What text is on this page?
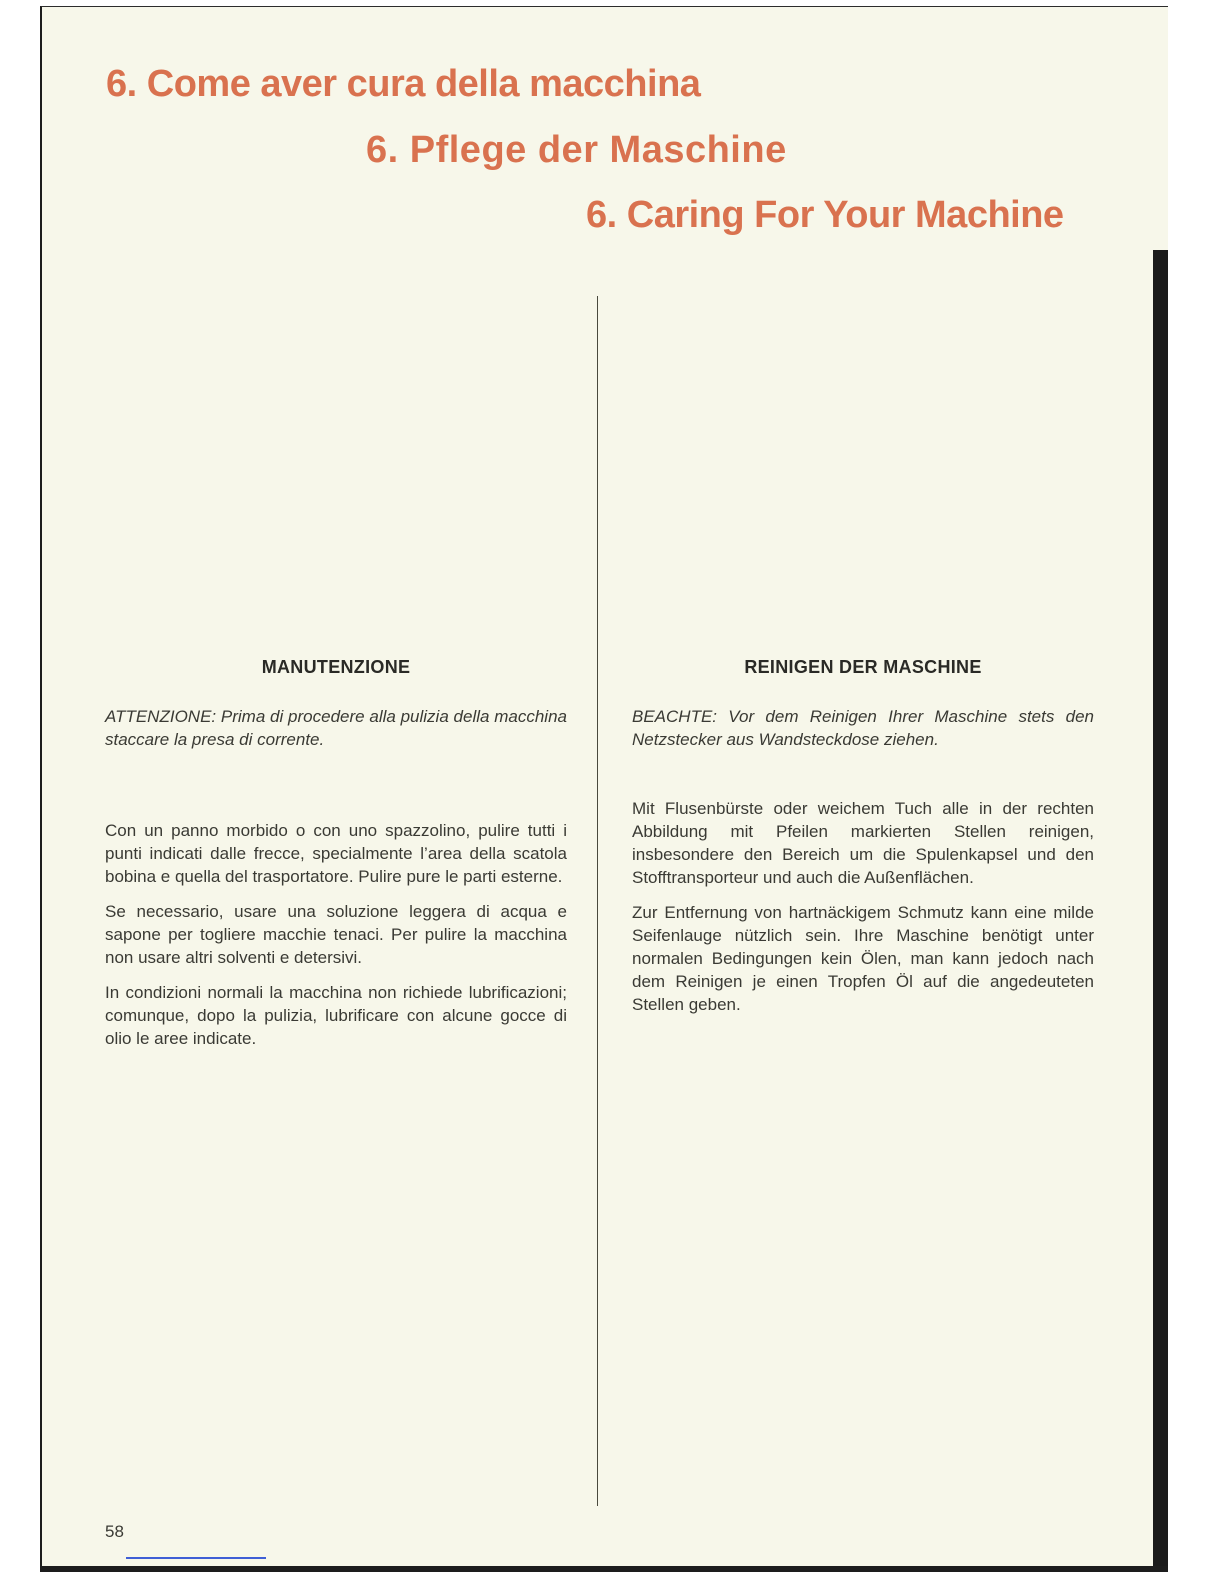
6. Come aver cura della macchina
6. Pflege der Maschine
6. Caring For Your Machine
MANUTENZIONE

ATTENZIONE: Prima di procedere alla pulizia della macchina staccare la presa di corrente.

Con un panno morbido o con uno spazzolino, pulire tutti i punti indicati dalle frecce, specialmente l’area della scatola bobina e quella del trasportatore. Pulire pure le parti esterne.

Se necessario, usare una soluzione leggera di acqua e sapone per togliere macchie tenaci. Per pulire la macchina non usare altri solventi e detersivi.

In condizioni normali la macchina non richiede lubrificazioni; comunque, dopo la pulizia, lubrificare con alcune gocce di olio le aree indicate.

REINIGEN DER MASCHINE

BEACHTE: Vor dem Reinigen Ihrer Maschine stets den Netzstecker aus Wandsteckdose ziehen.

Mit Flusenbürste oder weichem Tuch alle in der rechten Abbildung mit Pfeilen markierten Stellen reinigen, insbesondere den Bereich um die Spulenkapsel und den Stofftransporteur und auch die Außenflächen.

Zur Entfernung von hartnäckigem Schmutz kann eine milde Seifenlauge nützlich sein. Ihre Maschine benötigt unter normalen Bedingungen kein Ölen, man kann jedoch nach dem Reinigen je einen Tropfen Öl auf die angedeuteten Stellen geben.

58
